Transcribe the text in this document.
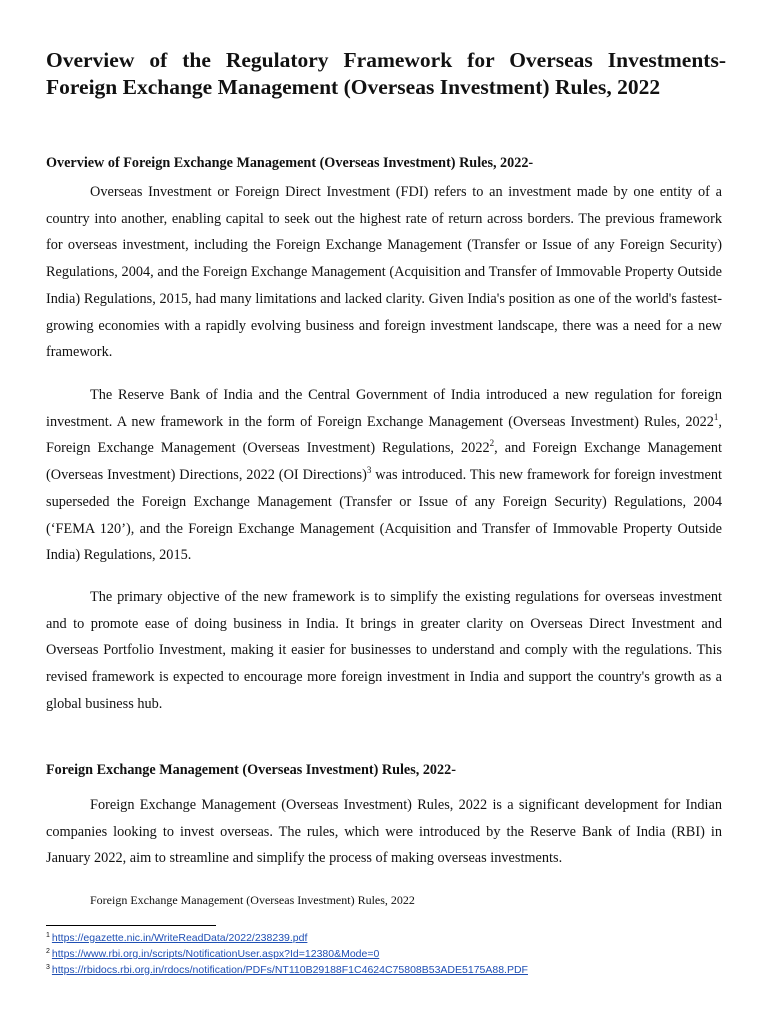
Overview of the Regulatory Framework for Overseas Investments-
Foreign Exchange Management (Overseas Investment) Rules, 2022
Overview of Foreign Exchange Management (Overseas Investment) Rules, 2022-

Overseas Investment or Foreign Direct Investment (FDI) refers to an investment made by one entity of a country into another, enabling capital to seek out the highest rate of return across borders. The previous framework for overseas investment, including the Foreign Exchange Management (Transfer or Issue of any Foreign Security) Regulations, 2004, and the Foreign Exchange Management (Acquisition and Transfer of Immovable Property Outside India) Regulations, 2015, had many limitations and lacked clarity. Given India's position as one of the world's fastest-growing economies with a rapidly evolving business and foreign investment landscape, there was a need for a new framework.

The Reserve Bank of India and the Central Government of India introduced a new regulation for foreign investment. A new framework in the form of Foreign Exchange Management (Overseas Investment) Rules, 2022$^1$, Foreign Exchange Management (Overseas Investment) Regulations, 2022$^2$, and Foreign Exchange Management (Overseas Investment) Directions, 2022 (OI Directions)$^3$ was introduced. This new framework for foreign investment superseded the Foreign Exchange Management (Transfer or Issue of any Foreign Security) Regulations, 2004 (‘FEMA 120’), and the Foreign Exchange Management (Acquisition and Transfer of Immovable Property Outside India) Regulations, 2015.

The primary objective of the new framework is to simplify the existing regulations for overseas investment and to promote ease of doing business in India. It brings in greater clarity on Overseas Direct Investment and Overseas Portfolio Investment, making it easier for businesses to understand and comply with the regulations. This revised framework is expected to encourage more foreign investment in India and support the country's growth as a global business hub.

Foreign Exchange Management (Overseas Investment) Rules, 2022-

Foreign Exchange Management (Overseas Investment) Rules, 2022 is a significant development for Indian companies looking to invest overseas. The rules, which were introduced by the Reserve Bank of India (RBI) in January 2022, aim to streamline and simplify the process of making overseas investments.

Foreign Exchange Management (Overseas Investment) Rules, 2022

$^1$ https://egazette.nic.in/WriteReadData/2022/238239.pdf
$^2$ https://www.rbi.org.in/scripts/NotificationUser.aspx?Id=12380&Mode=0
$^3$ https://rbidocs.rbi.org.in/rdocs/notification/PDFs/NT110B29188F1C4624C75808B53ADE5175A88.PDF
